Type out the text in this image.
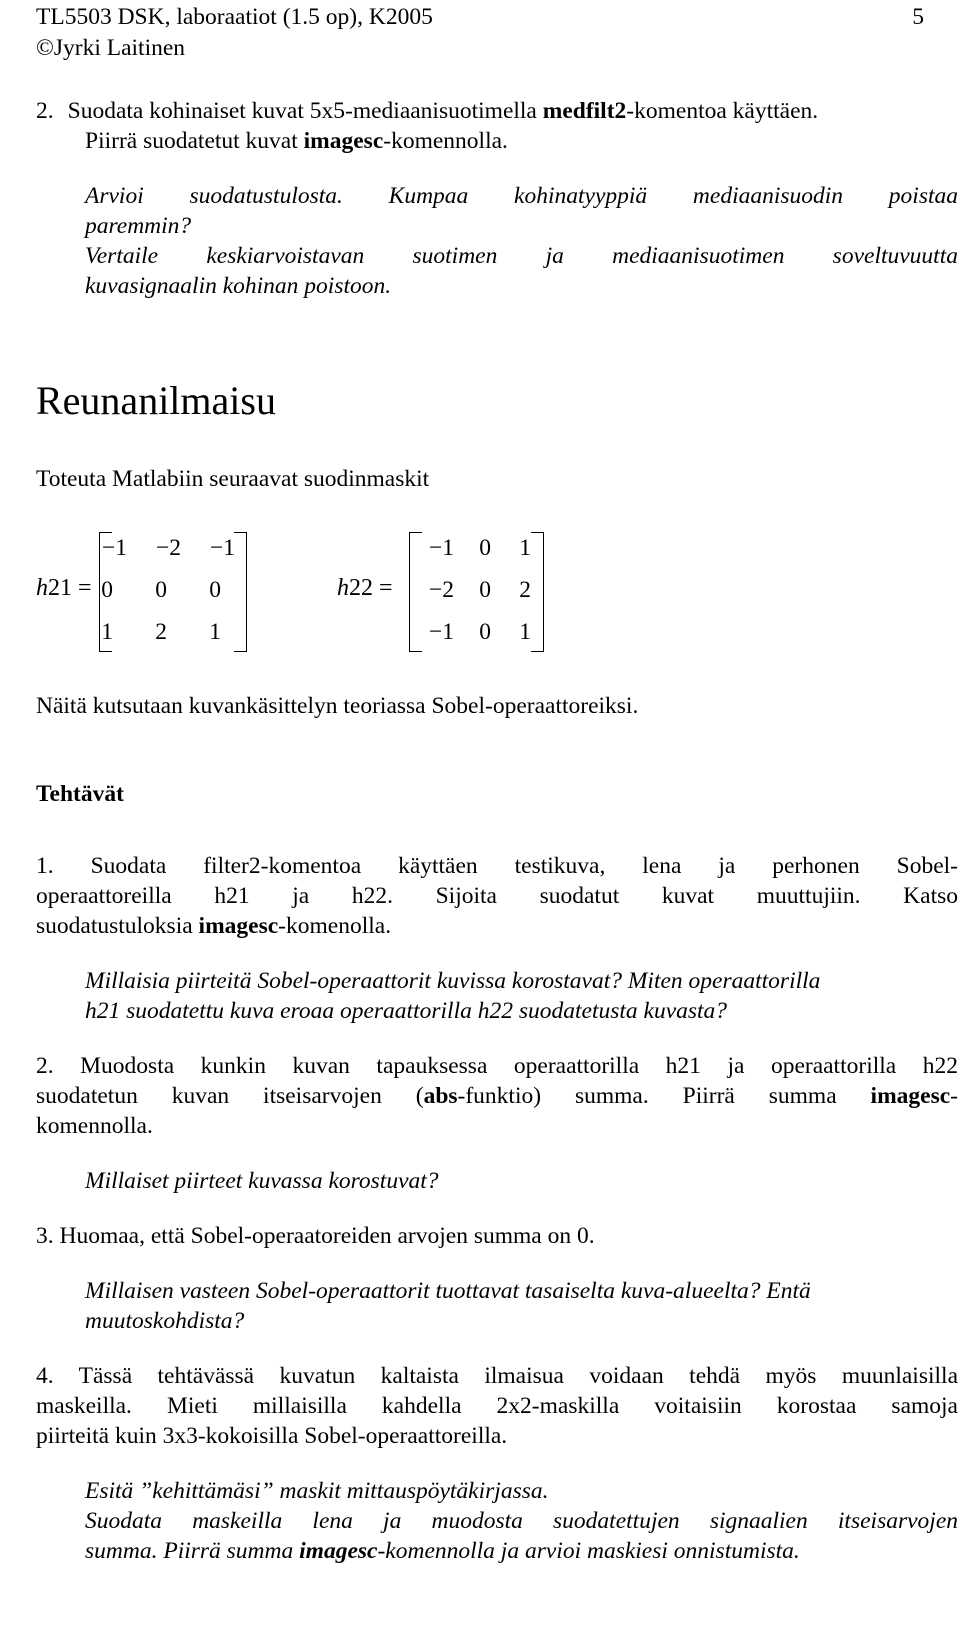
TL5503 DSK, laboraatiot (1.5 op), K2005
©Jyrki Laitinen
5
2. Suodata kohinaiset kuvat 5x5-mediaanisuotimella medfilt2-komentoa käyttäen.
Piirrä suodatetut kuvat imagesc-komennolla.
Arvioi suodatustulosta. Kumpaa kohinatyyppiä mediaanisuodin poistaa
paremmin?
Vertaile keskiarvoistavan suotimen ja mediaanisuotimen soveltuvuutta
kuvasignaalin kohinan poistoon.
Reunanilmaisu
Toteuta Matlabiin seuraavat suodinmaskit
h21 =
−1	−2	−1
0	0	0
1	2	1
h22 =
−1	0	1
−2	0	2
−1	0	1
Näitä kutsutaan kuvankäsittelyn teoriassa Sobel-operaattoreiksi.
Tehtävät
1. Suodata filter2-komentoa käyttäen testikuva, lena ja perhonen Sobel-
operaattoreilla h21 ja h22. Sijoita suodatut kuvat muuttujiin. Katso
suodatustuloksia imagesc-komenolla.
Millaisia piirteitä Sobel-operaattorit kuvissa korostavat? Miten operaattorilla
h21 suodatettu kuva eroaa operaattorilla h22 suodatetusta kuvasta?
2. Muodosta kunkin kuvan tapauksessa operaattorilla h21 ja operaattorilla h22
suodatetun kuvan itseisarvojen (abs-funktio) summa. Piirrä summa imagesc-
komennolla.
Millaiset piirteet kuvassa korostuvat?
3. Huomaa, että Sobel-operaatoreiden arvojen summa on 0.
Millaisen vasteen Sobel-operaattorit tuottavat tasaiselta kuva-alueelta? Entä
muutoskohdista?
4. Tässä tehtävässä kuvatun kaltaista ilmaisua voidaan tehdä myös muunlaisilla
maskeilla. Mieti millaisilla kahdella 2x2-maskilla voitaisiin korostaa samoja
piirteitä kuin 3x3-kokoisilla Sobel-operaattoreilla.
Esitä ”kehittämäsi” maskit mittauspöytäkirjassa.
Suodata maskeilla lena ja muodosta suodatettujen signaalien itseisarvojen
summa. Piirrä summa imagesc-komennolla ja arvioi maskiesi onnistumista.
